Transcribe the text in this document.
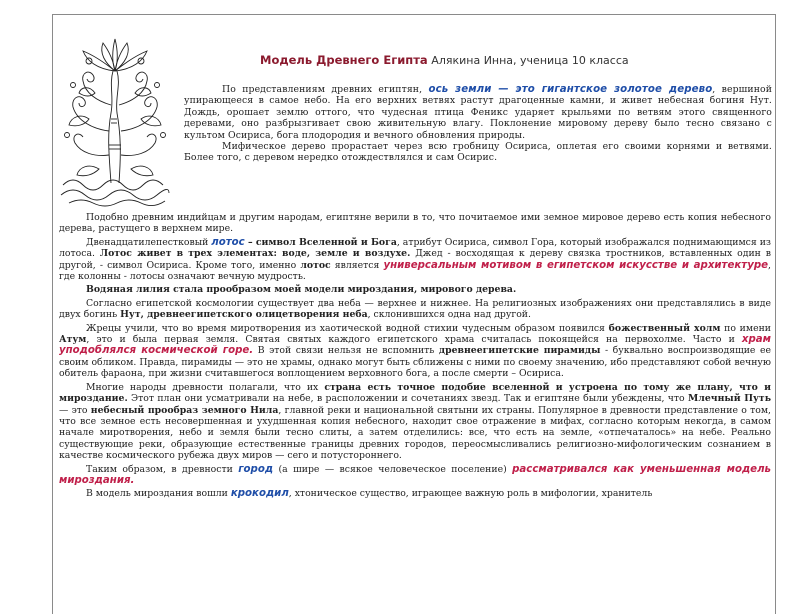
Модель Древнего Египта Алякина Инна, ученица 10 класса

По представлениям древних египтян, ось земли — это гигантское золотое дерево, вершиной упирающееся в самое небо. На его верхних ветвях растут драгоценные камни, и живет небесная богиня Нут. Дождь, орошает землю оттого, что чудесная птица Феникс ударяет крыльями по ветвям этого священного деревами, оно разбрызгивает свою живительную влагу. Поклонение мировому дереву было тесно связано с культом Осириса, бога плодородия и вечного обновления природы.

Мифическое дерево прорастает через всю гробницу Осириса, оплетая его своими корнями и ветвями. Более того, с деревом нередко отождествлялся и сам Осирис.

Подобно древним индийцам и другим народам, египтяне верили в то, что почитаемое ими земное мировое дерево есть копия небесного дерева, растущего в верхнем мире.

Двенадцатилепестковый лотос – символ Вселенной и Бога, атрибут Осириса, символ Гора, который изображался поднимающимся из лотоса. Лотос живет в трех элементах: воде, земле и воздухе. Джед - восходящая к дереву связка тростников, вставленных один в другой, - символ Осириса. Кроме того, именно лотос является универсальным мотивом в египетском искусстве и архитектуре, где колонны - лотосы означают вечную мудрость.

Водяная лилия стала прообразом моей модели мироздания, мирового дерева.

Согласно египетской космологии существует два неба — верхнее и нижнее. На религиозных изображениях они представлялись в виде двух богинь Нут, древнеегипетского олицетворения неба, склонившихся одна над другой.

Жрецы учили, что во время миротворения из хаотической водной стихии чудесным образом появился божественный холм по имени Атум, это и была первая земля. Святая святых каждого египетского храма считалась покоящейся на первохолме. Часто и храм уподоблялся космической горе. В этой связи нельзя не вспомнить древнеегипетские пирамиды - буквально воспроизводящие ее своим обликом. Правда, пирамиды — это не храмы, однако могут быть сближены с ними по своему значению, ибо представляют собой вечную обитель фараона, при жизни считавшегося воплощением верховного бога, а после смерти – Осириса.

Многие народы древности полагали, что их страна есть точное подобие вселенной и устроена по тому же плану, что и мироздание. Этот план они усматривали на небе, в расположении и сочетаниях звезд. Так и египтяне были убеждены, что Млечный Путь — это небесный прообраз земного Нила, главной реки и национальной святыни их страны. Популярное в древности представление о том, что все земное есть несовершенная и ухудшенная копия небесного, находит свое отражение в мифах, согласно которым некогда, в самом начале миротворения, небо и земля были тесно слиты, а затем отделились: все, что есть на земле, «отпечаталось» на небе. Реально существующие реки, образующие естественные границы древних городов, переосмысливались религиозно-мифологическим сознанием в качестве космического рубежа двух миров — сего и потустороннего.

Таким образом, в древности город (а шире — всякое человеческое поселение) рассматривался как уменьшенная модель мироздания.

В модель мироздания вошли крокодил, хтоническое существо, играющее важную роль в мифологии, хранитель
